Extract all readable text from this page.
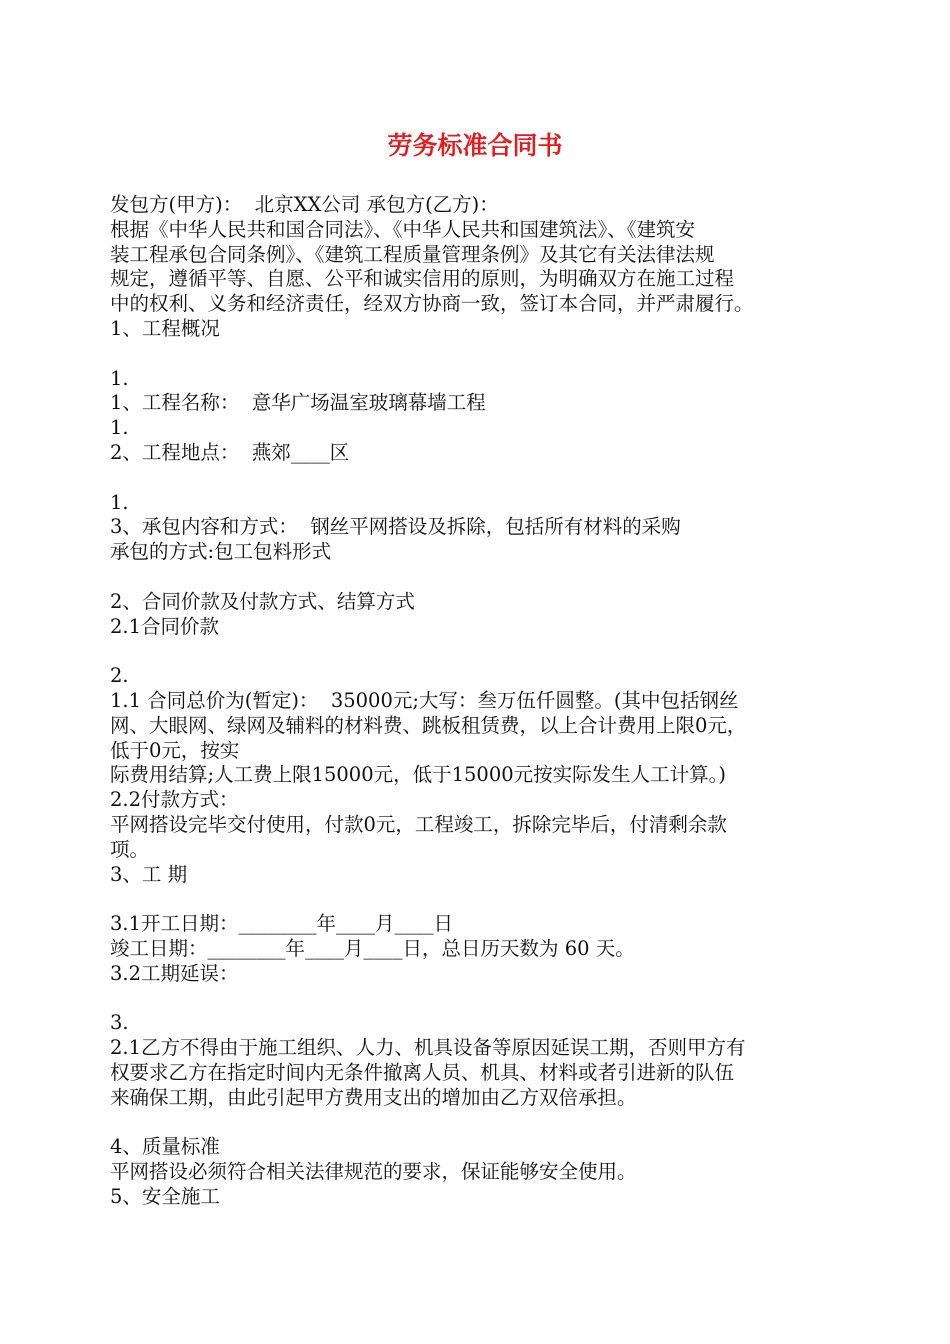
劳务标准合同书
发包方(甲方)：  北京XX公司 承包方(乙方)：
根据《中华人民共和国合同法》、《中华人民共和国建筑法》、《建筑安
装工程承包合同条例》、《建筑工程质量管理条例》及其它有关法律法规
规定，遵循平等、自愿、公平和诚实信用的原则，为明确双方在施工过程
中的权利、义务和经济责任，经双方协商一致，签订本合同，并严肃履行。
1、工程概况
1.
1、工程名称：  意华广场温室玻璃幕墙工程
1.
2、工程地点：  燕郊____区
1.
3、承包内容和方式：  钢丝平网搭设及拆除，包括所有材料的采购
承包的方式:包工包料形式
2、合同价款及付款方式、结算方式
2.1合同价款
2.
1.1 合同总价为(暂定)：  35000元;大写：叁万伍仟圆整。(其中包括钢丝
网、大眼网、绿网及辅料的材料费、跳板租赁费，以上合计费用上限0元，
低于0元，按实
际费用结算;人工费上限15000元，低于15000元按实际发生人工计算。)
2.2付款方式：
平网搭设完毕交付使用，付款0元，工程竣工，拆除完毕后，付清剩余款
项。
3、工 期
3.1开工日期：________年____月____日
竣工日期：________年____月____日，总日历天数为 60 天。
3.2工期延误：
3.
2.1乙方不得由于施工组织、人力、机具设备等原因延误工期，否则甲方有
权要求乙方在指定时间内无条件撤离人员、机具、材料或者引进新的队伍
来确保工期，由此引起甲方费用支出的增加由乙方双倍承担。
4、质量标准
平网搭设必须符合相关法律规范的要求，保证能够安全使用。
5、安全施工
